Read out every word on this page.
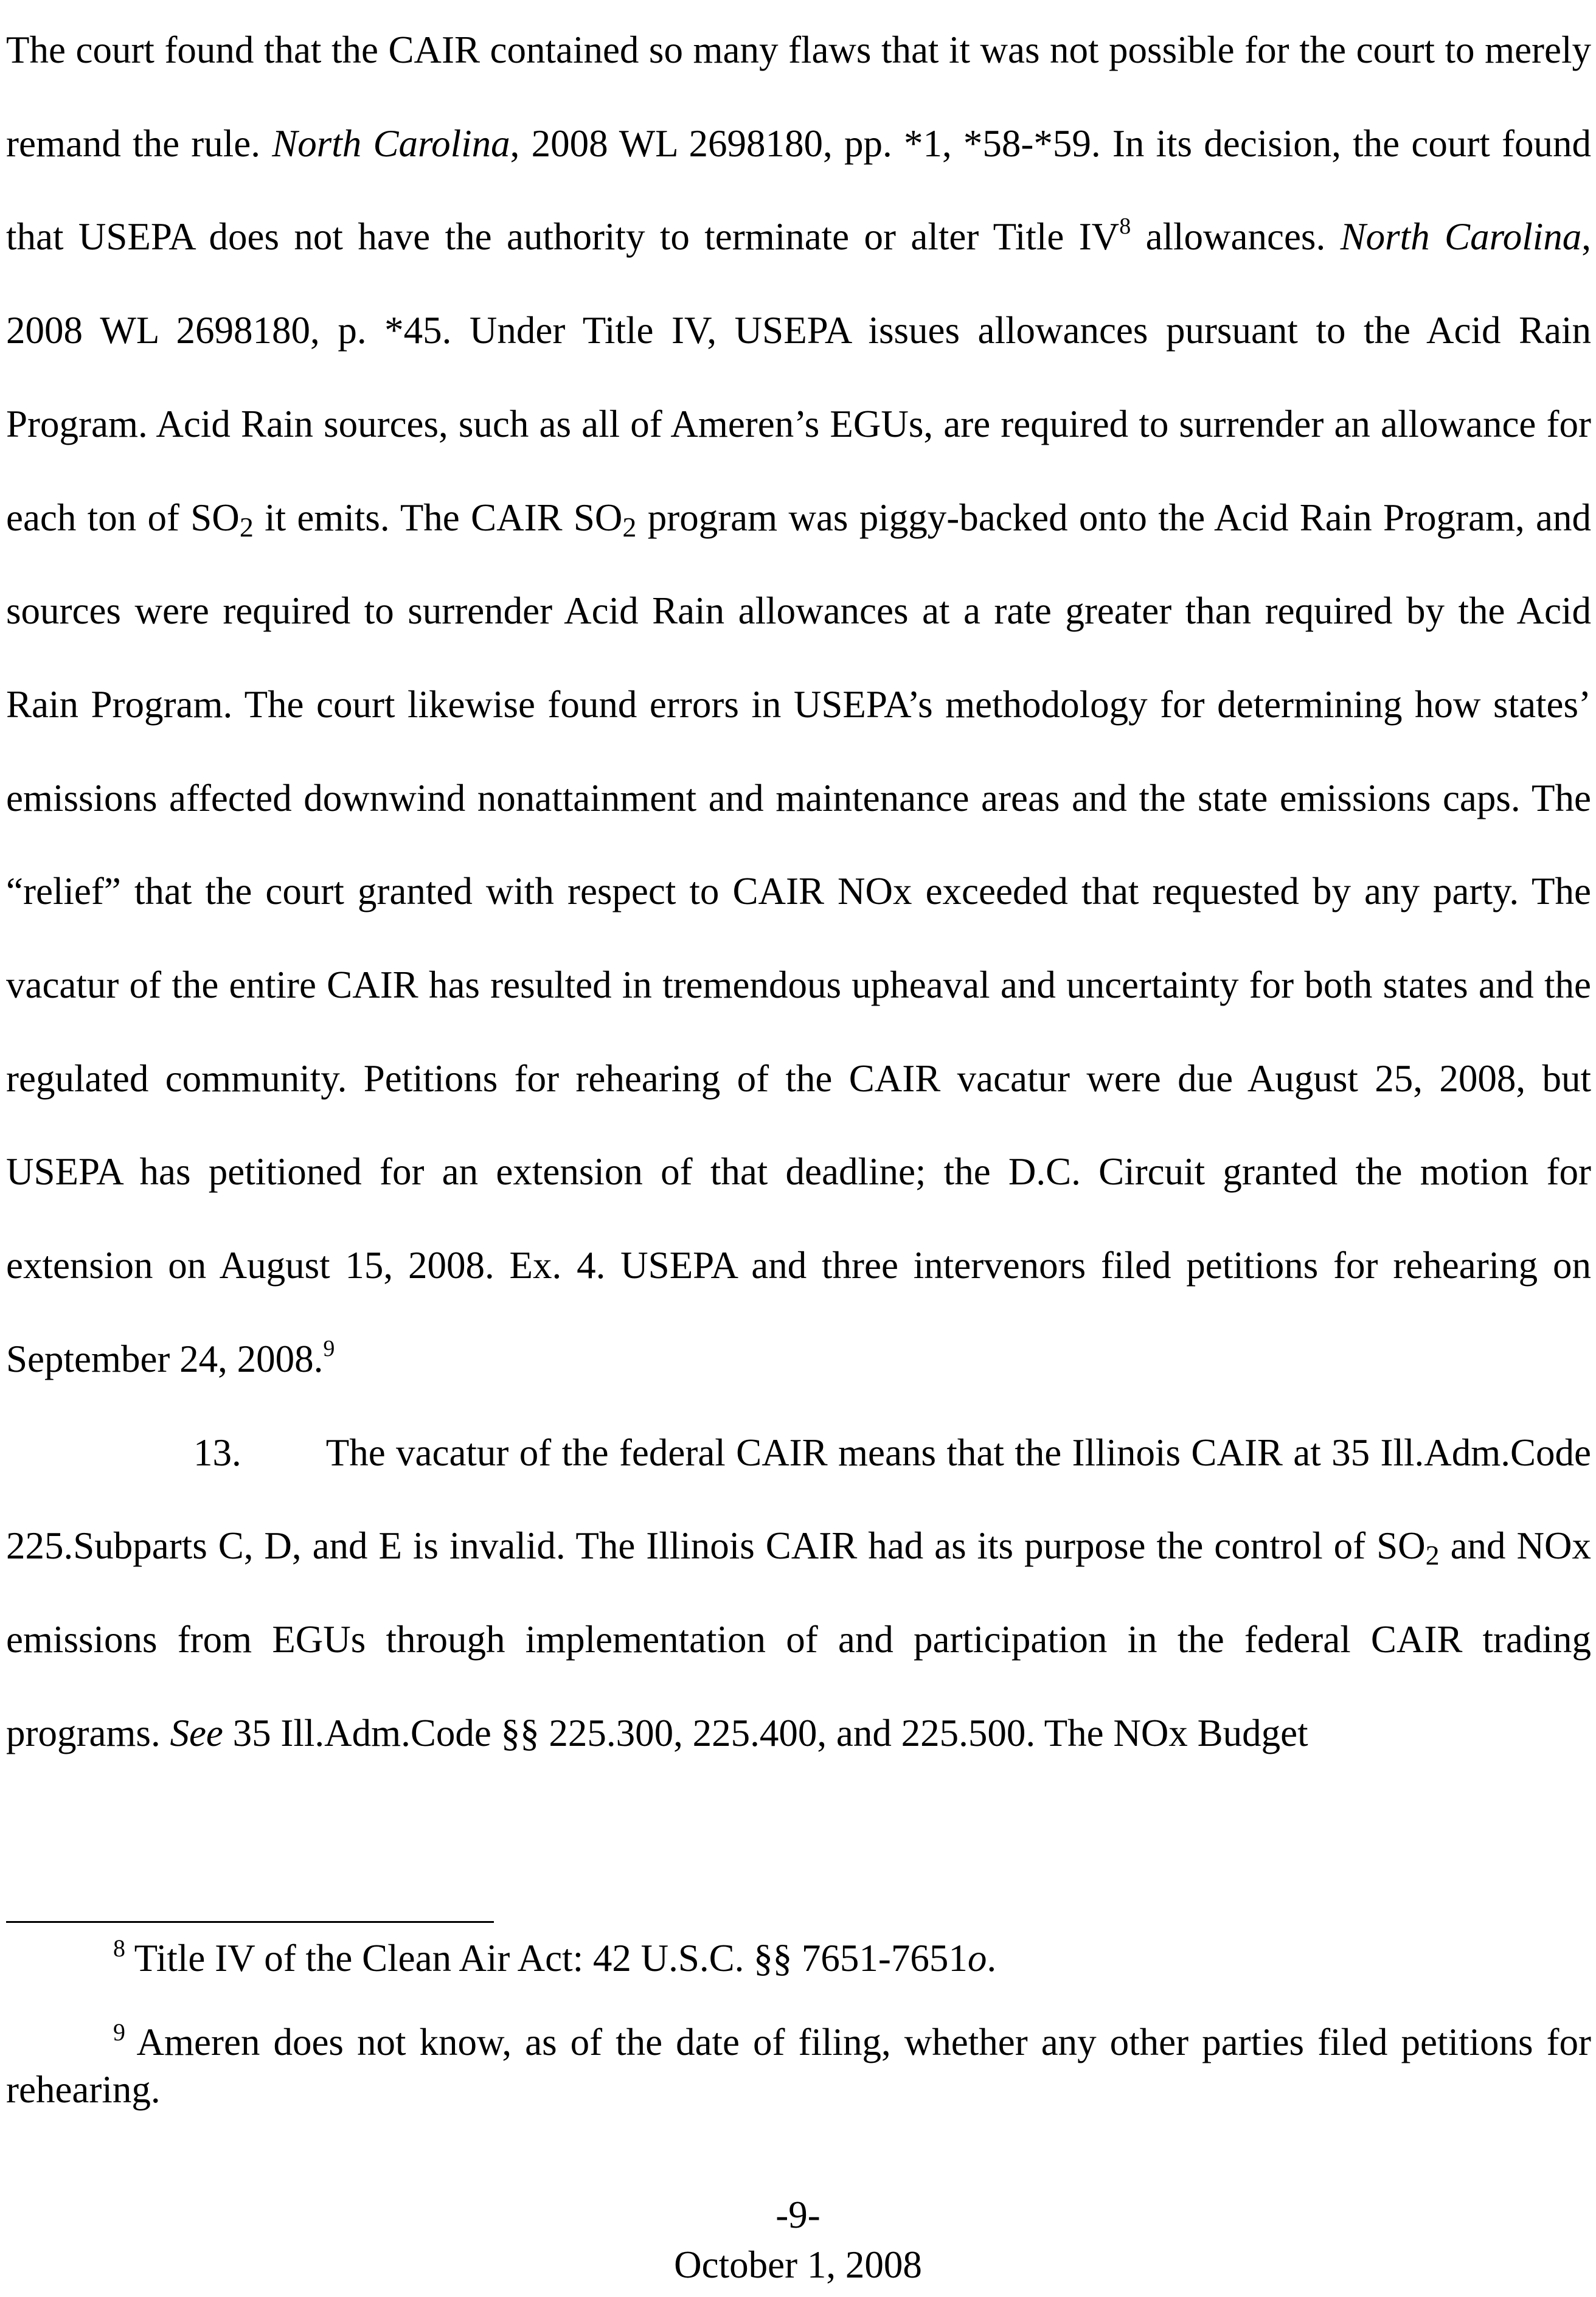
The court found that the CAIR contained so many flaws that it was not possible for the court to merely remand the rule. North Carolina, 2008 WL 2698180, pp. *1, *58-*59. In its decision, the court found that USEPA does not have the authority to terminate or alter Title $IV^8$ allowances. North Carolina, 2008 WL 2698180, p. *45. Under Title IV, USEPA issues allowances pursuant to the Acid Rain Program. Acid Rain sources, such as all of Ameren’s EGUs, are required to surrender an allowance for each ton of $SO_2$ it emits. The CAIR $SO_2$ program was piggy-backed onto the Acid Rain Program, and sources were required to surrender Acid Rain allowances at a rate greater than required by the Acid Rain Program. The court likewise found errors in USEPA’s methodology for determining how states’ emissions affected downwind nonattainment and maintenance areas and the state emissions caps. The “relief” that the court granted with respect to CAIR NOx exceeded that requested by any party. The vacatur of the entire CAIR has resulted in tremendous upheaval and uncertainty for both states and the regulated community. Petitions for rehearing of the CAIR vacatur were due August 25, 2008, but USEPA has petitioned for an extension of that deadline; the D.C. Circuit granted the motion for extension on August 15, 2008. Ex. 4. USEPA and three intervenors filed petitions for rehearing on September 24, 2008.$^9$

13.        The vacatur of the federal CAIR means that the Illinois CAIR at 35 Ill.Adm.Code 225.Subparts C, D, and E is invalid. The Illinois CAIR had as its purpose the control of $SO_2$ and NOx emissions from EGUs through implementation of and participation in the federal CAIR trading programs. See 35 Ill.Adm.Code §§ 225.300, 225.400, and 225.500. The NOx Budget

$^8$ Title IV of the Clean Air Act: 42 U.S.C. §§ 7651-7651o.

$^9$ Ameren does not know, as of the date of filing, whether any other parties filed petitions for rehearing.

-9-
October 1, 2008
